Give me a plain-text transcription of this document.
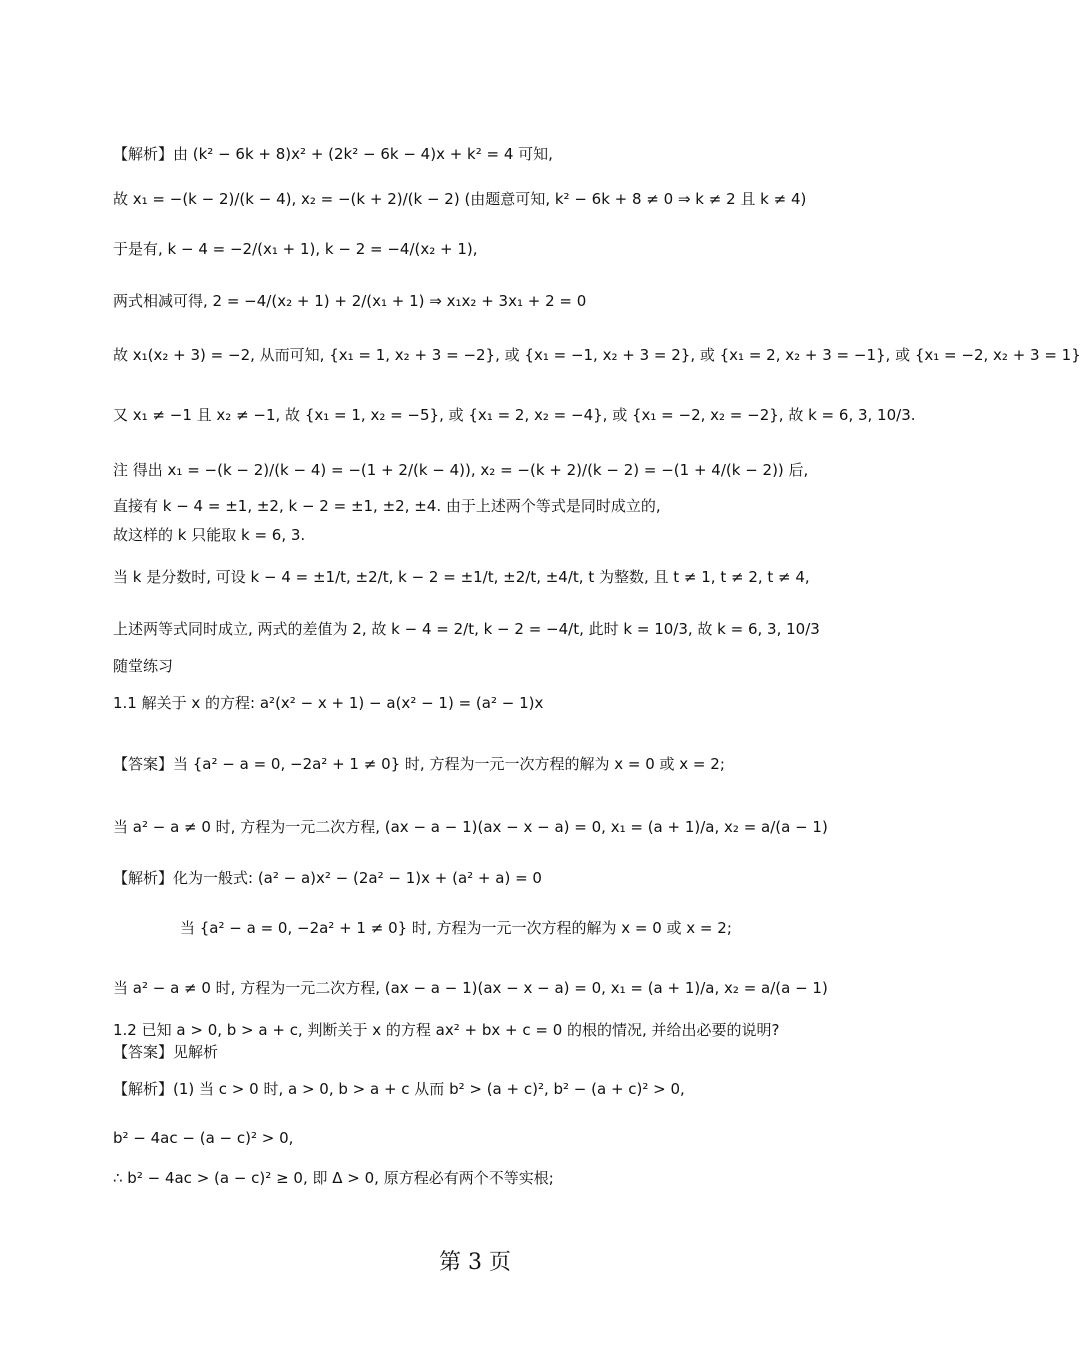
【解析】由 (k² − 6k + 8)x² + (2k² − 6k − 4)x + k² = 4 可知,
故 x₁ = −(k − 2)/(k − 4), x₂ = −(k + 2)/(k − 2) (由题意可知, k² − 6k + 8 ≠ 0 ⇒ k ≠ 2 且 k ≠ 4)
于是有, k − 4 = −2/(x₁ + 1), k − 2 = −4/(x₂ + 1),
两式相减可得, 2 = −4/(x₂ + 1) + 2/(x₁ + 1) ⇒ x₁x₂ + 3x₁ + 2 = 0
故 x₁(x₂ + 3) = −2, 从而可知, {x₁ = 1, x₂ + 3 = −2}, 或 {x₁ = −1, x₂ + 3 = 2}, 或 {x₁ = 2, x₂ + 3 = −1}, 或 {x₁ = −2, x₂ + 3 = 1}
又 x₁ ≠ −1 且 x₂ ≠ −1, 故 {x₁ = 1, x₂ = −5}, 或 {x₁ = 2, x₂ = −4}, 或 {x₁ = −2, x₂ = −2}, 故 k = 6, 3, 10/3.
注 得出 x₁ = −(k − 2)/(k − 4) = −(1 + 2/(k − 4)), x₂ = −(k + 2)/(k − 2) = −(1 + 4/(k − 2)) 后,
直接有 k − 4 = ±1, ±2, k − 2 = ±1, ±2, ±4. 由于上述两个等式是同时成立的,
故这样的 k 只能取 k = 6, 3.
当 k 是分数时, 可设 k − 4 = ±1/t, ±2/t, k − 2 = ±1/t, ±2/t, ±4/t, t 为整数, 且 t ≠ 1, t ≠ 2, t ≠ 4,
上述两等式同时成立, 两式的差值为 2, 故 k − 4 = 2/t, k − 2 = −4/t, 此时 k = 10/3, 故 k = 6, 3, 10/3
随堂练习
1.1 解关于 x 的方程: a²(x² − x + 1) − a(x² − 1) = (a² − 1)x
【答案】当 {a² − a = 0, −2a² + 1 ≠ 0} 时, 方程为一元一次方程的解为 x = 0 或 x = 2;
当 a² − a ≠ 0 时, 方程为一元二次方程, (ax − a − 1)(ax − x − a) = 0, x₁ = (a + 1)/a, x₂ = a/(a − 1)
【解析】化为一般式: (a² − a)x² − (2a² − 1)x + (a² + a) = 0
当 {a² − a = 0, −2a² + 1 ≠ 0} 时, 方程为一元一次方程的解为 x = 0 或 x = 2;
当 a² − a ≠ 0 时, 方程为一元二次方程, (ax − a − 1)(ax − x − a) = 0, x₁ = (a + 1)/a, x₂ = a/(a − 1)
1.2 已知 a > 0, b > a + c, 判断关于 x 的方程 ax² + bx + c = 0 的根的情况, 并给出必要的说明?
【答案】见解析
【解析】(1) 当 c > 0 时, a > 0, b > a + c 从而 b² > (a + c)², b² − (a + c)² > 0,
b² − 4ac − (a − c)² > 0,
∴ b² − 4ac > (a − c)² ≥ 0, 即 Δ > 0, 原方程必有两个不等实根;
第 3 页
